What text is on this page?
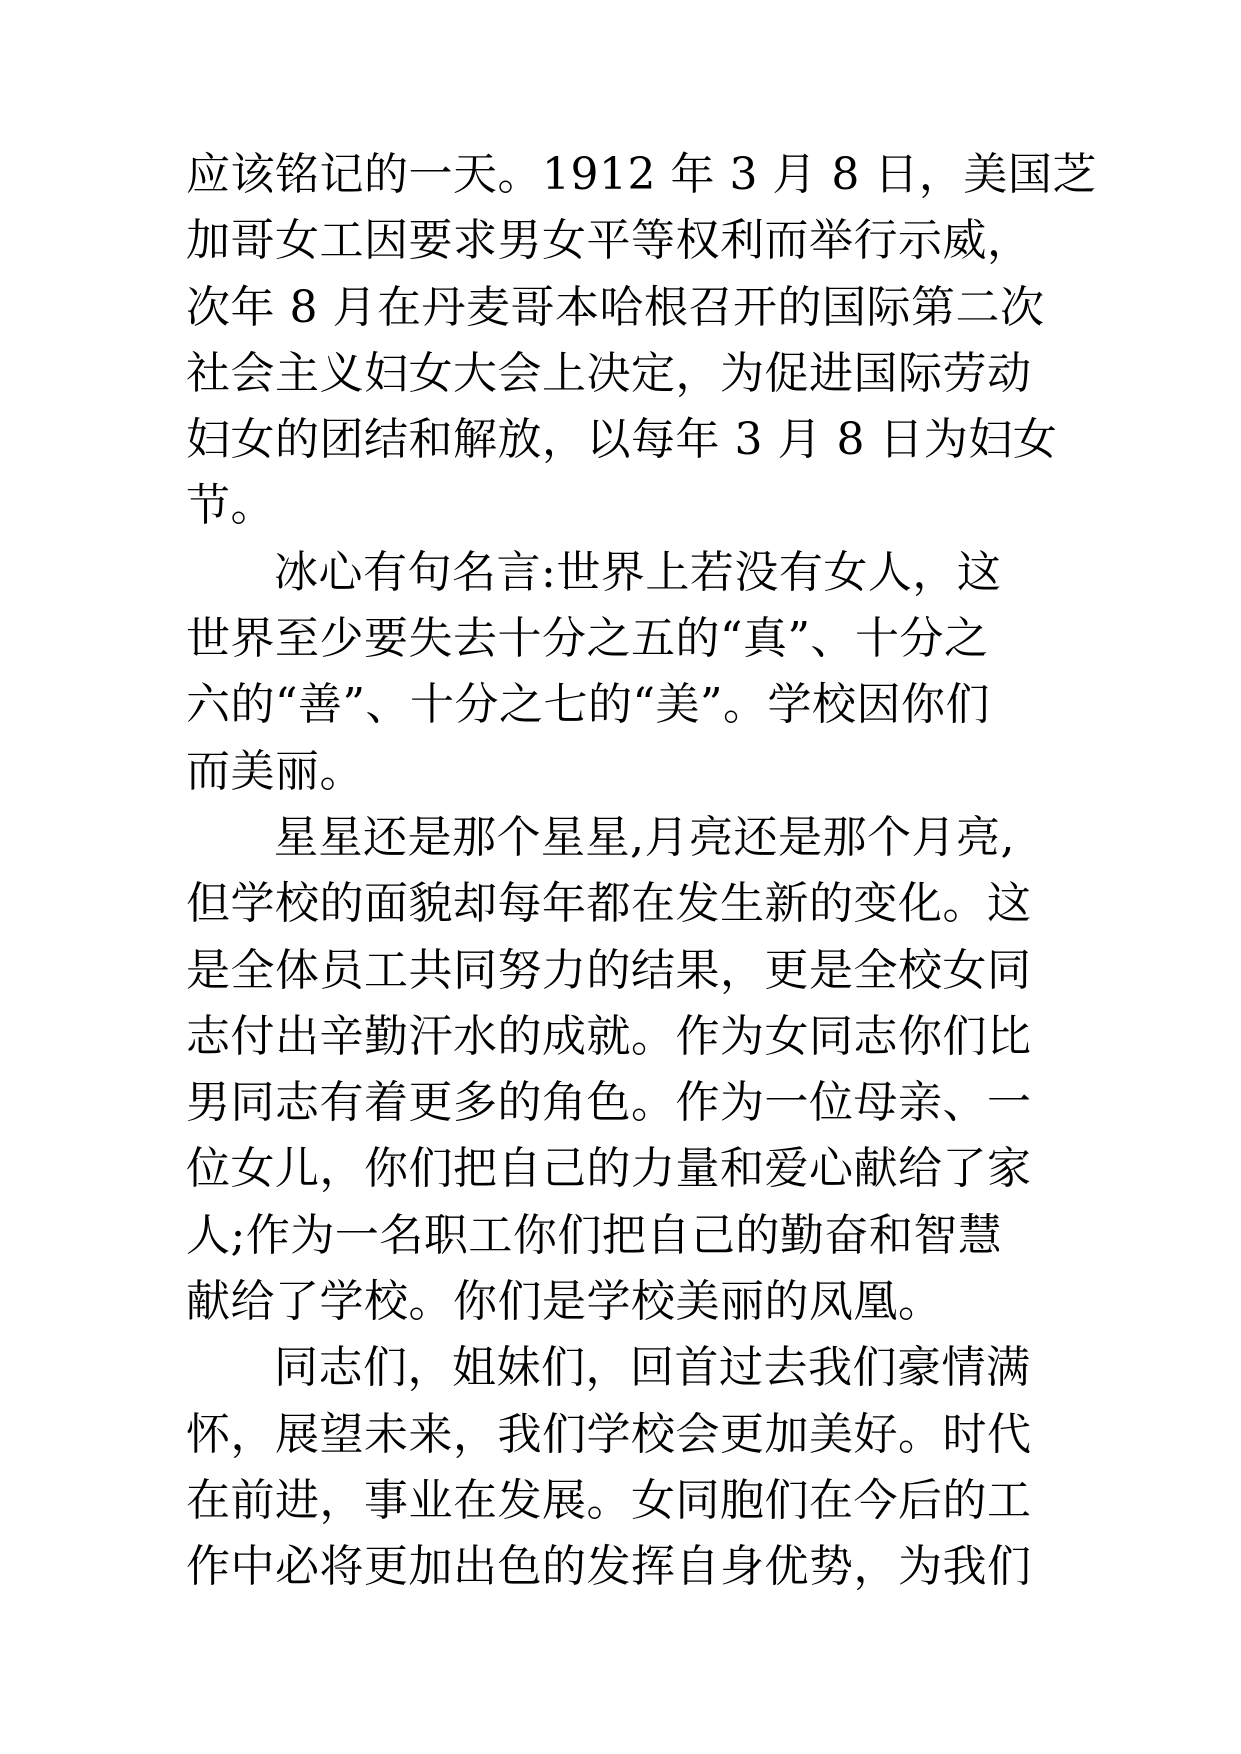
应该铭记的一天。1912 年 3 月 8 日，美国芝
加哥女工因要求男女平等权利而举行示威，
次年 8 月在丹麦哥本哈根召开的国际第二次
社会主义妇女大会上决定，为促进国际劳动
妇女的团结和解放，以每年 3 月 8 日为妇女
节。
冰心有句名言:世界上若没有女人，这
世界至少要失去十分之五的“真”、十分之
六的“善”、十分之七的“美”。学校因你们
而美丽。
星星还是那个星星,月亮还是那个月亮,
但学校的面貌却每年都在发生新的变化。这
是全体员工共同努力的结果，更是全校女同
志付出辛勤汗水的成就。作为女同志你们比
男同志有着更多的角色。作为一位母亲、一
位女儿，你们把自己的力量和爱心献给了家
人;作为一名职工你们把自己的勤奋和智慧
献给了学校。你们是学校美丽的凤凰。
同志们，姐妹们，回首过去我们豪情满
怀，展望未来，我们学校会更加美好。时代
在前进，事业在发展。女同胞们在今后的工
作中必将更加出色的发挥自身优势，为我们
